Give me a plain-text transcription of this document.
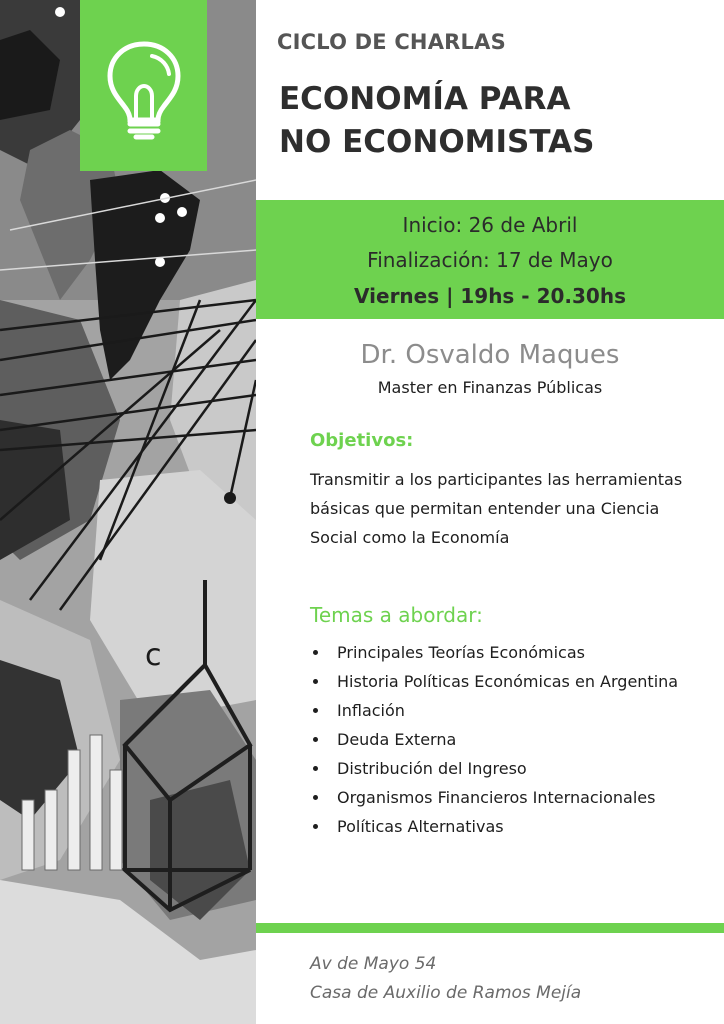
c
CICLO DE CHARLAS
ECONOMÍA PARA
NO ECONOMISTAS
Inicio: 26 de Abril
Finalización: 17 de Mayo
Viernes | 19hs - 20.30hs
Dr. Osvaldo Maques
Master en Finanzas Públicas
Objetivos:
Transmitir a los participantes las herramientas básicas que permitan entender una Ciencia Social como la Economía
Temas a abordar:
Principales Teorías Económicas
Historia Políticas Económicas en Argentina
Inflación
Deuda Externa
Distribución del Ingreso
Organismos Financieros Internacionales
Políticas Alternativas
Av de Mayo 54
Casa de Auxilio de Ramos Mejía
